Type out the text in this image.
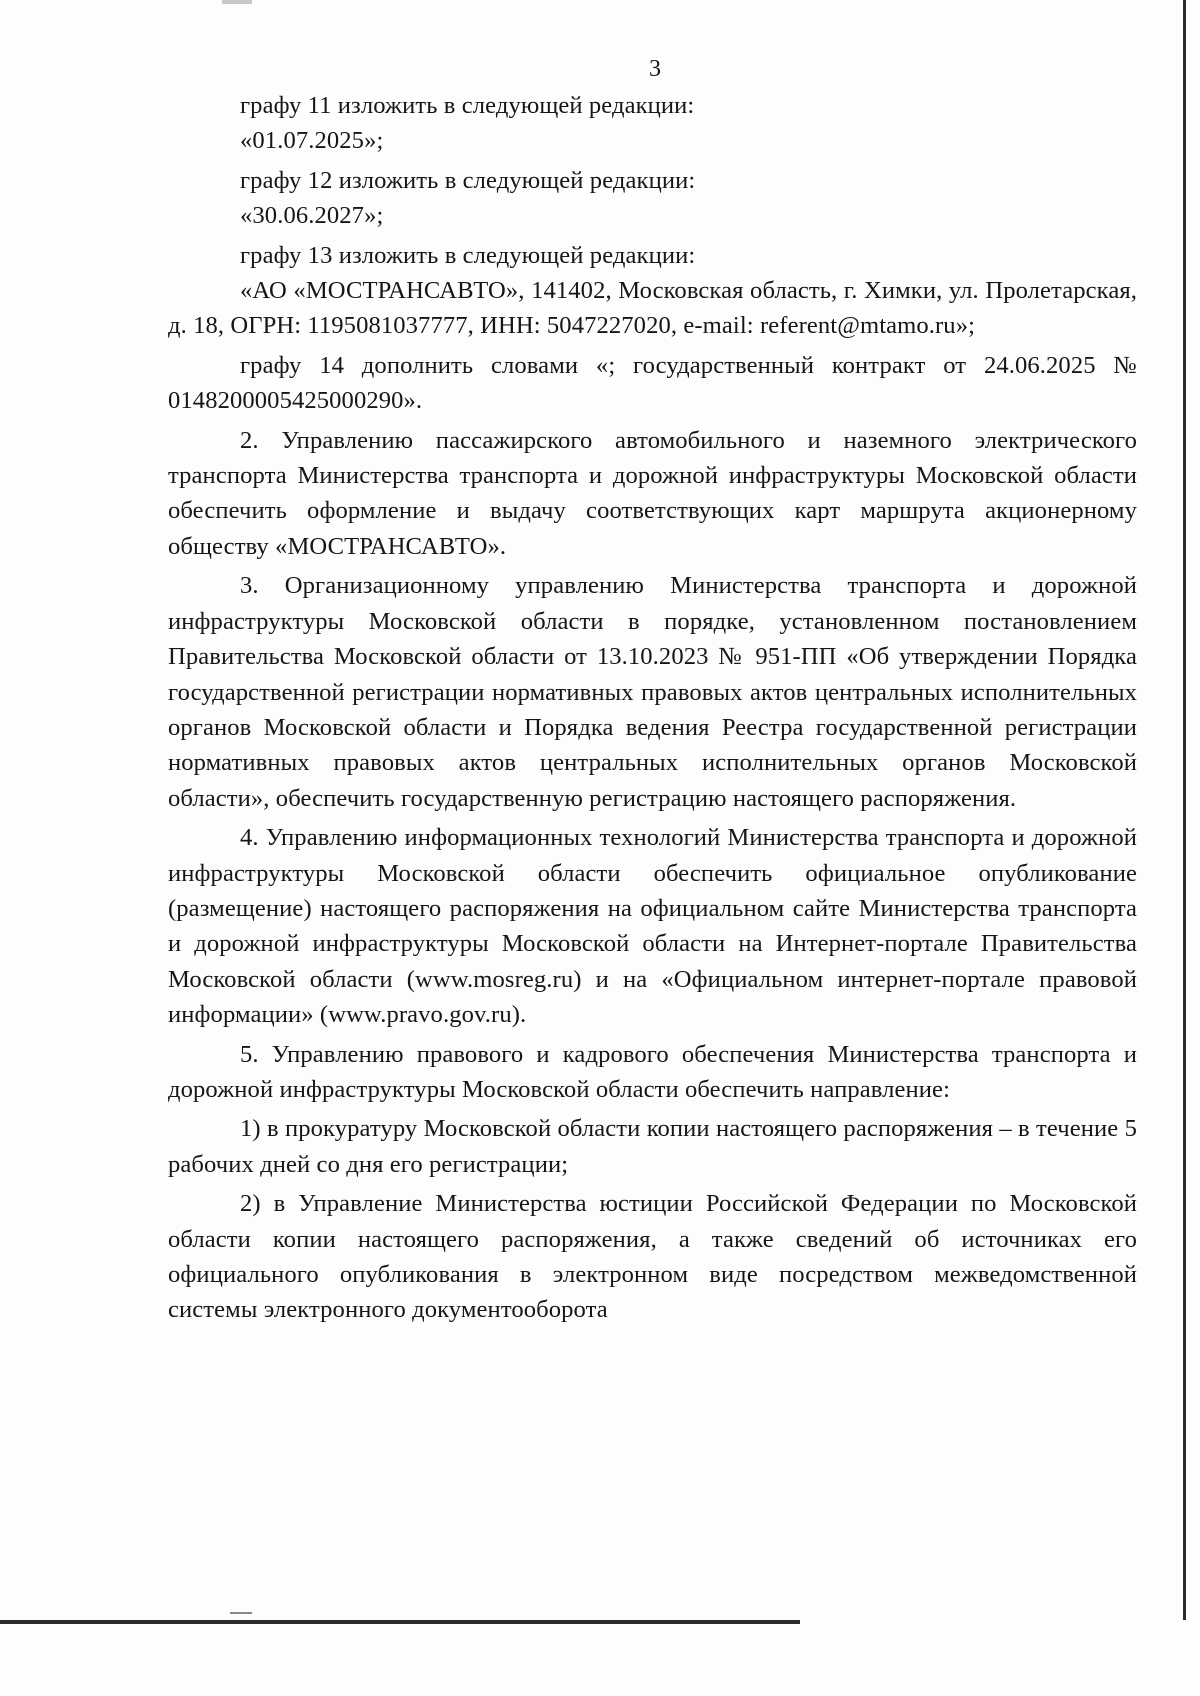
3

графу 11 изложить в следующей редакции:

«01.07.2025»;

графу 12 изложить в следующей редакции:

«30.06.2027»;

графу 13 изложить в следующей редакции:

«АО «МОСТРАНСАВТО», 141402, Московская область, г. Химки, ул. Пролетарская, д. 18, ОГРН: 1195081037777, ИНН: 5047227020, e-mail: referent@mtamo.ru»;

графу 14 дополнить словами «; государственный контракт от 24.06.2025 № 0148200005425000290».

2. Управлению пассажирского автомобильного и наземного электрического транспорта Министерства транспорта и дорожной инфраструктуры Московской области обеспечить оформление и выдачу соответствующих карт маршрута акционерному обществу «МОСТРАНСАВТО».

3. Организационному управлению Министерства транспорта и дорожной инфраструктуры Московской области в порядке, установленном постановлением Правительства Московской области от 13.10.2023 № 951-ПП «Об утверждении Порядка государственной регистрации нормативных правовых актов центральных исполнительных органов Московской области и Порядка ведения Реестра государственной регистрации нормативных правовых актов центральных исполнительных органов Московской области», обеспечить государственную регистрацию настоящего распоряжения.

4. Управлению информационных технологий Министерства транспорта и дорожной инфраструктуры Московской области обеспечить официальное опубликование (размещение) настоящего распоряжения на официальном сайте Министерства транспорта и дорожной инфраструктуры Московской области на Интернет-портале Правительства Московской области (www.mosreg.ru) и на «Официальном интернет-портале правовой информации» (www.pravo.gov.ru).

5. Управлению правового и кадрового обеспечения Министерства транспорта и дорожной инфраструктуры Московской области обеспечить направление:

1) в прокуратуру Московской области копии настоящего распоряжения – в течение 5 рабочих дней со дня его регистрации;

2) в Управление Министерства юстиции Российской Федерации по Московской области копии настоящего распоряжения, а также сведений об источниках его официального опубликования в электронном виде посредством межведомственной системы электронного документооборота
